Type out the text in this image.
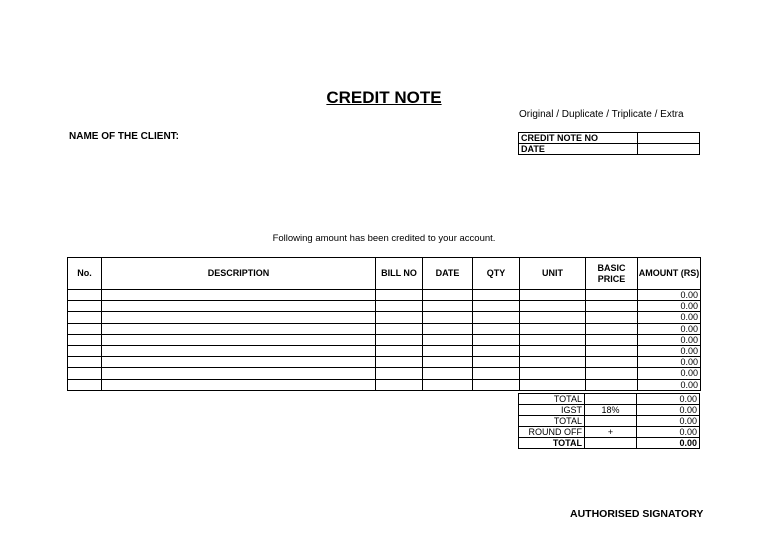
CREDIT NOTE
Original / Duplicate / Triplicate / Extra
NAME OF THE CLIENT:	CREDIT NOTE NO	
DATE	
Following amount has been credited to your account.
No.	DESCRIPTION	BILL NO	DATE	QTY	UNIT	BASIC PRICE	AMOUNT (RS)
							0.00
							0.00
							0.00
							0.00
							0.00
							0.00
							0.00
							0.00
							0.00
TOTAL		0.00
IGST	18%	0.00
TOTAL		0.00
ROUND OFF	+	0.00
TOTAL		0.00
AUTHORISED SIGNATORY
